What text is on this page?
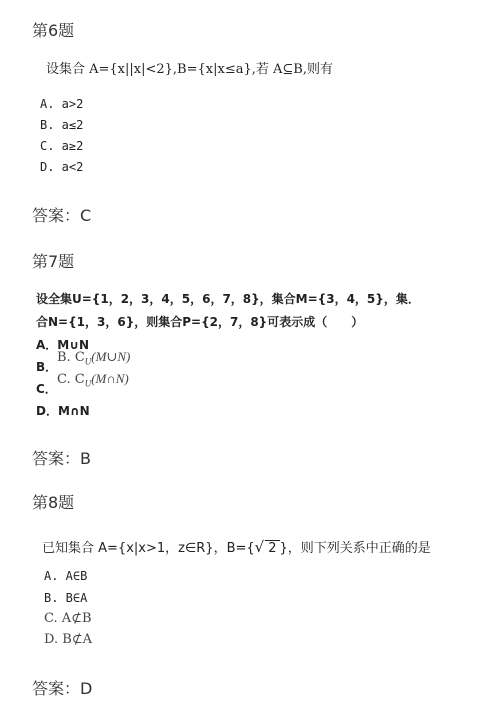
第6题
设集合 A={x||x|<2},B={x|x≤a},若 A⊆B,则有
A. a>2
B. a≤2
C. a≥2
D. a<2
答案：C
第7题
设全集U={1，2，3，4，5，6，7，8}，集合M={3，4，5}，集．
合N={1，3，6}，则集合P={2，7，8}可表示成（　　）
A．M∪N
B．
B. $C_U(M\cup N)$
C．
C. $C_U(M\cap N)$
D．M∩N
答案：B
第8题
已知集合 A={x|x>1，z∈R}，B={√ 2 }，则下列关系中正确的是
A. A∈B
B. B∈A
C. A⊄B
D. B⊄A
答案：D
